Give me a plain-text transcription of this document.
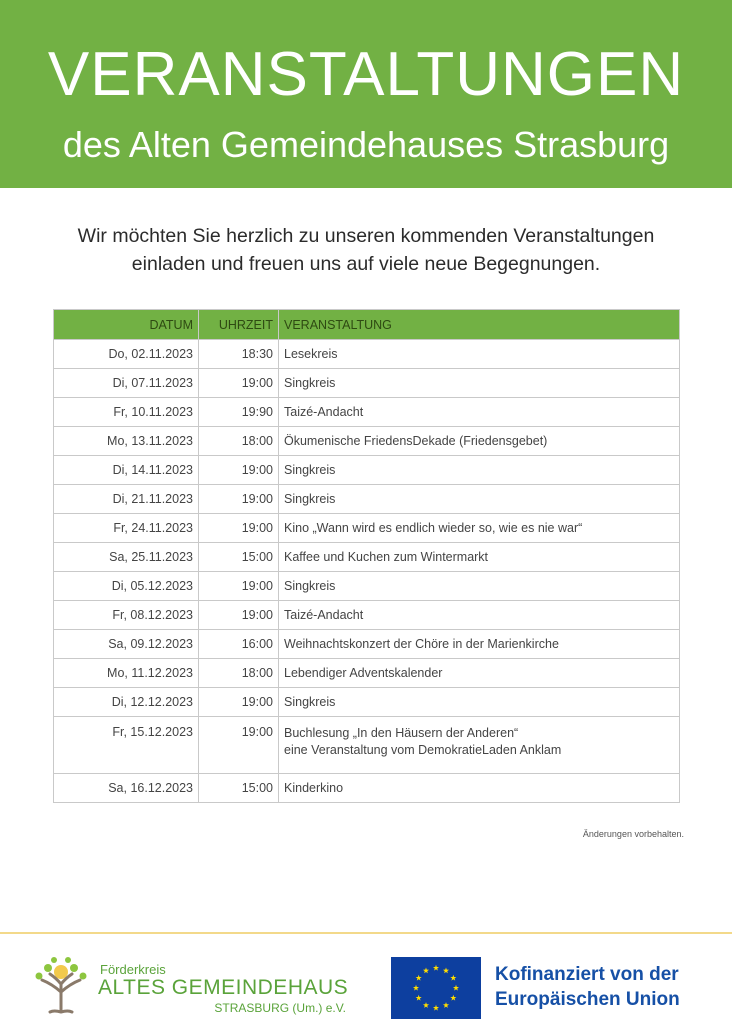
VERANSTALTUNGEN
des Alten Gemeindehauses Strasburg
Wir möchten Sie herzlich zu unseren kommenden Veranstaltungen
einladen und freuen uns auf viele neue Begegnungen.
DATUM	UHRZEIT	VERANSTALTUNG
Do, 02.11.2023	18:30	Lesekreis
Di, 07.11.2023	19:00	Singkreis
Fr, 10.11.2023	19:90	Taizé-Andacht
Mo, 13.11.2023	18:00	Ökumenische FriedensDekade (Friedensgebet)
Di, 14.11.2023	19:00	Singkreis
Di, 21.11.2023	19:00	Singkreis
Fr, 24.11.2023	19:00	Kino „Wann wird es endlich wieder so, wie es nie war“
Sa, 25.11.2023	15:00	Kaffee und Kuchen zum Wintermarkt
Di, 05.12.2023	19:00	Singkreis
Fr, 08.12.2023	19:00	Taizé-Andacht
Sa, 09.12.2023	16:00	Weihnachtskonzert der Chöre in der Marienkirche
Mo, 11.12.2023	18:00	Lebendiger Adventskalender
Di, 12.12.2023	19:00	Singkreis
Fr, 15.12.2023	19:00	Buchlesung „In den Häusern der Anderen“
eine Veranstaltung vom DemokratieLaden Anklam

Sa, 16.12.2023	15:00	Kinderkino
Änderungen vorbehalten.
Förderkreis
ALTES GEMEINDEHAUS
STRASBURG (Um.) e.V.
Kofinanziert von der
Europäischen Union
